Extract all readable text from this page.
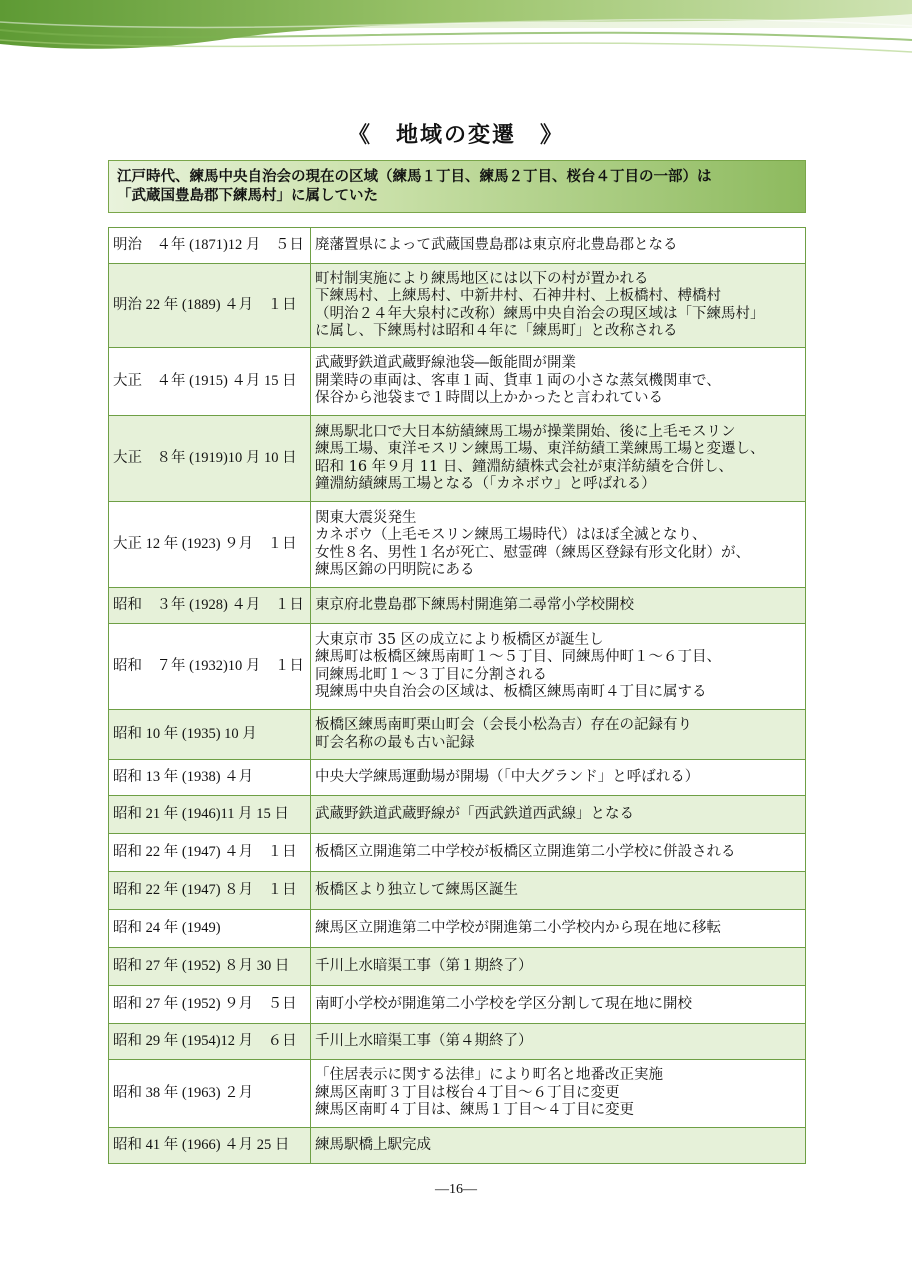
《　地域の変遷　》
江戸時代、練馬中央自治会の現在の区域（練馬１丁目、練馬２丁目、桜台４丁目の一部）は
「武蔵国豊島郡下練馬村」に属していた
明治　４年 (1871)12 月　５日	廃藩置県によって武蔵国豊島郡は東京府北豊島郡となる

明治 22 年 (1889) ４月　１日	町村制実施により練馬地区には以下の村が置かれる
下練馬村、上練馬村、中新井村、石神井村、上板橋村、榑橋村
（明治２４年大泉村に改称）練馬中央自治会の現区域は「下練馬村」
に属し、下練馬村は昭和４年に「練馬町」と改称される

大正　４年 (1915) ４月 15 日	武蔵野鉄道武蔵野線池袋―飯能間が開業
開業時の車両は、客車１両、貨車１両の小さな蒸気機関車で、
保谷から池袋まで１時間以上かかったと言われている

大正　８年 (1919)10 月 10 日	練馬駅北口で大日本紡績練馬工場が操業開始、後に上毛モスリン
練馬工場、東洋モスリン練馬工場、東洋紡績工業練馬工場と変遷し、
昭和 16 年９月 11 日、鐘淵紡績株式会社が東洋紡績を合併し、
鐘淵紡績練馬工場となる（「カネボウ」と呼ばれる）

大正 12 年 (1923) ９月　１日	関東大震災発生
カネボウ（上毛モスリン練馬工場時代）はほぼ全滅となり、
女性８名、男性１名が死亡、慰霊碑（練馬区登録有形文化財）が、
練馬区錦の円明院にある

昭和　３年 (1928) ４月　１日	東京府北豊島郡下練馬村開進第二尋常小学校開校

昭和　７年 (1932)10 月　１日	大東京市 35 区の成立により板橋区が誕生し
練馬町は板橋区練馬南町１～５丁目、同練馬仲町１～６丁目、
同練馬北町１～３丁目に分割される
現練馬中央自治会の区域は、板橋区練馬南町４丁目に属する

昭和 10 年 (1935) 10 月	板橋区練馬南町栗山町会（会長小松為吉）存在の記録有り
町会名称の最も古い記録

昭和 13 年 (1938) ４月	中央大学練馬運動場が開場（「中大グランド」と呼ばれる）

昭和 21 年 (1946)11 月 15 日	武蔵野鉄道武蔵野線が「西武鉄道西武線」となる

昭和 22 年 (1947) ４月　１日	板橋区立開進第二中学校が板橋区立開進第二小学校に併設される

昭和 22 年 (1947) ８月　１日	板橋区より独立して練馬区誕生

昭和 24 年 (1949)	練馬区立開進第二中学校が開進第二小学校内から現在地に移転

昭和 27 年 (1952) ８月 30 日	千川上水暗渠工事（第１期終了）

昭和 27 年 (1952) ９月　５日	南町小学校が開進第二小学校を学区分割して現在地に開校

昭和 29 年 (1954)12 月　６日	千川上水暗渠工事（第４期終了）

昭和 38 年 (1963) ２月	「住居表示に関する法律」により町名と地番改正実施
練馬区南町３丁目は桜台４丁目～６丁目に変更
練馬区南町４丁目は、練馬１丁目～４丁目に変更

昭和 41 年 (1966) ４月 25 日	練馬駅橋上駅完成
―16―
